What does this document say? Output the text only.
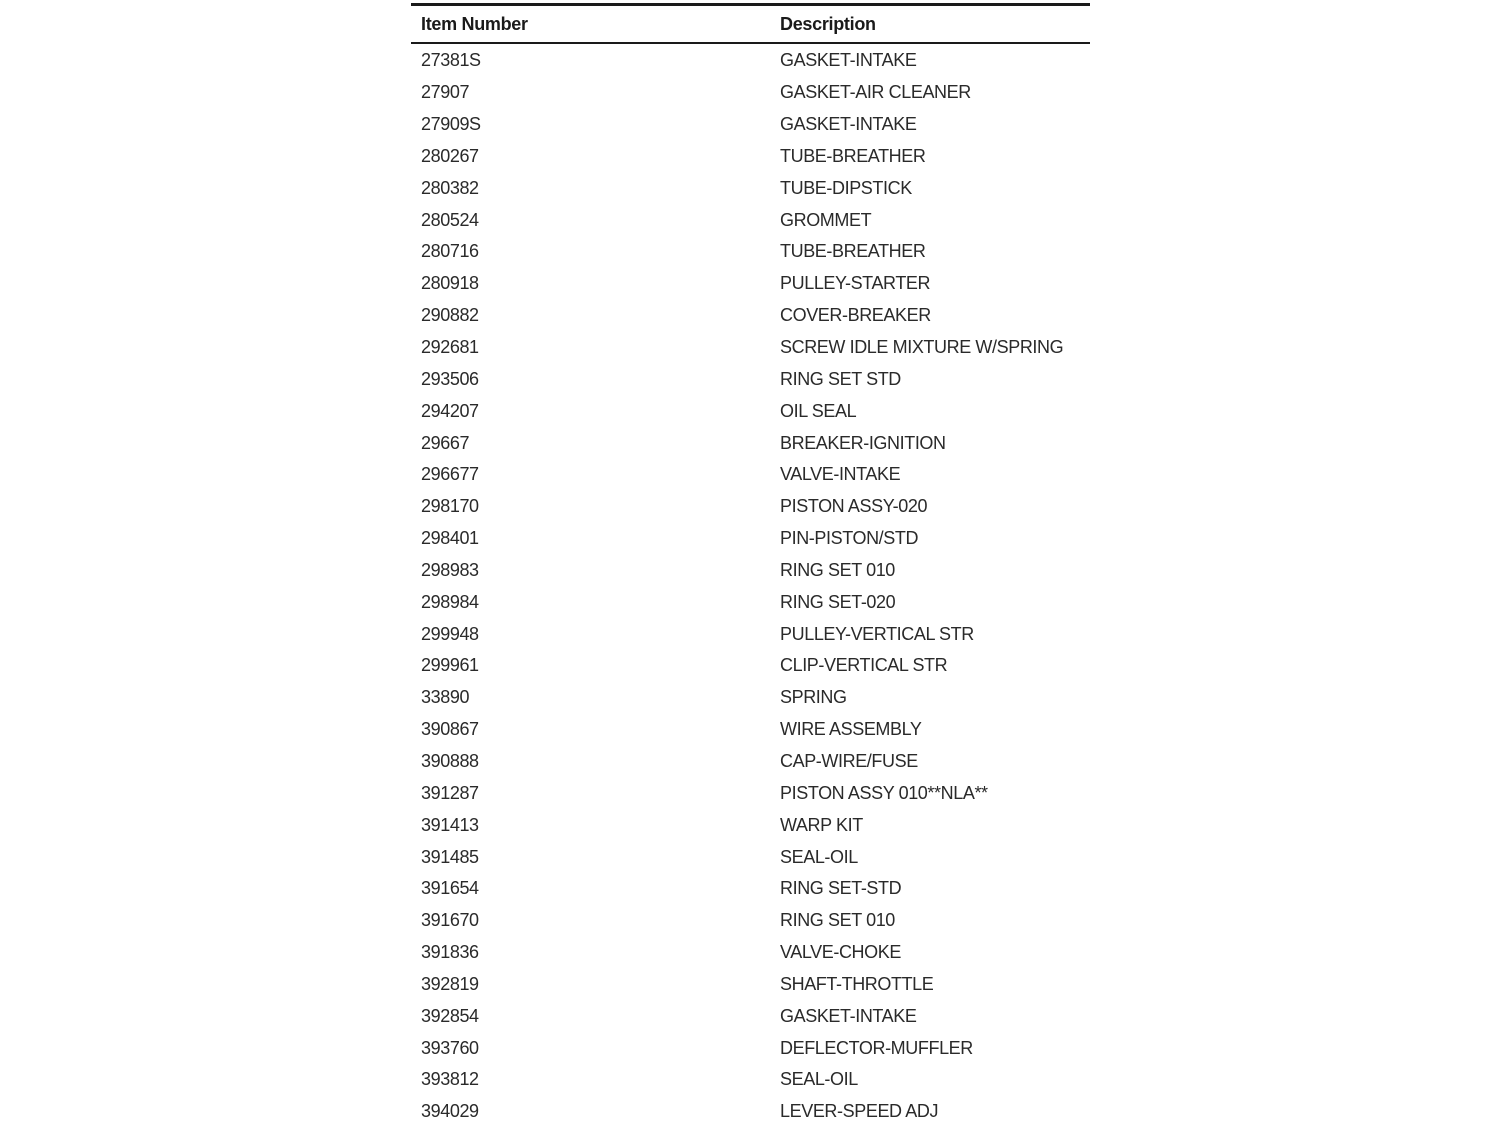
Item Number	Description
27381S	GASKET-INTAKE
27907	GASKET-AIR CLEANER
27909S	GASKET-INTAKE
280267	TUBE-BREATHER
280382	TUBE-DIPSTICK
280524	GROMMET
280716	TUBE-BREATHER
280918	PULLEY-STARTER
290882	COVER-BREAKER
292681	SCREW IDLE MIXTURE W/SPRING
293506	RING SET STD
294207	OIL SEAL
29667	BREAKER-IGNITION
296677	VALVE-INTAKE
298170	PISTON ASSY-020
298401	PIN-PISTON/STD
298983	RING SET 010
298984	RING SET-020
299948	PULLEY-VERTICAL STR
299961	CLIP-VERTICAL STR
33890	SPRING
390867	WIRE ASSEMBLY
390888	CAP-WIRE/FUSE
391287	PISTON ASSY 010**NLA**
391413	WARP KIT
391485	SEAL-OIL
391654	RING SET-STD
391670	RING SET 010
391836	VALVE-CHOKE
392819	SHAFT-THROTTLE
392854	GASKET-INTAKE
393760	DEFLECTOR-MUFFLER
393812	SEAL-OIL
394029	LEVER-SPEED ADJ
